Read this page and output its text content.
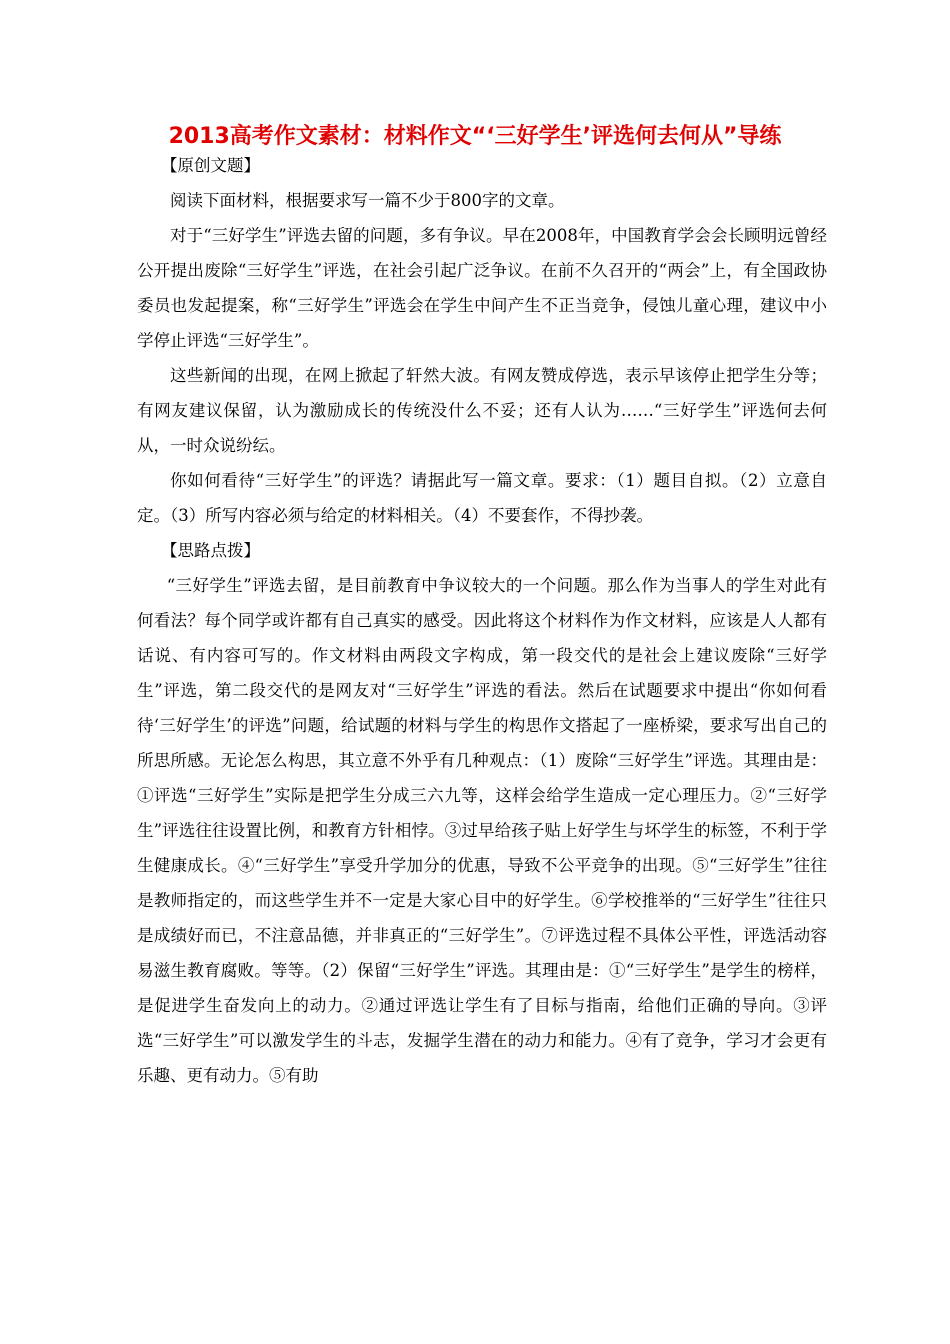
2013高考作文素材：材料作文“‘三好学生’评选何去何从”导练

【原创文题】

阅读下面材料，根据要求写一篇不少于800字的文章。

对于“三好学生”评选去留的问题，多有争议。早在2008年，中国教育学会会长顾明远曾经公开提出废除“三好学生”评选，在社会引起广泛争议。在前不久召开的“两会”上，有全国政协委员也发起提案，称“三好学生”评选会在学生中间产生不正当竞争，侵蚀儿童心理，建议中小学停止评选“三好学生”。

这些新闻的出现，在网上掀起了轩然大波。有网友赞成停选，表示早该停止把学生分等；有网友建议保留，认为激励成长的传统没什么不妥；还有人认为……“三好学生”评选何去何从，一时众说纷纭。

你如何看待“三好学生”的评选？请据此写一篇文章。要求：（1）题目自拟。（2）立意自定。（3）所写内容必须与给定的材料相关。（4）不要套作，不得抄袭。

【思路点拨】

“三好学生”评选去留，是目前教育中争议较大的一个问题。那么作为当事人的学生对此有何看法？每个同学或许都有自己真实的感受。因此将这个材料作为作文材料，应该是人人都有话说、有内容可写的。作文材料由两段文字构成，第一段交代的是社会上建议废除“三好学生”评选，第二段交代的是网友对“三好学生”评选的看法。然后在试题要求中提出“你如何看待‘三好学生’的评选”问题，给试题的材料与学生的构思作文搭起了一座桥梁，要求写出自己的所思所感。无论怎么构思，其立意不外乎有几种观点：（1）废除“三好学生”评选。其理由是：①评选“三好学生”实际是把学生分成三六九等，这样会给学生造成一定心理压力。②“三好学生”评选往往设置比例，和教育方针相悖。③过早给孩子贴上好学生与坏学生的标签，不利于学生健康成长。④“三好学生”享受升学加分的优惠，导致不公平竞争的出现。⑤“三好学生”往往是教师指定的，而这些学生并不一定是大家心目中的好学生。⑥学校推举的“三好学生”往往只是成绩好而已，不注意品德，并非真正的“三好学生”。⑦评选过程不具体公平性，评选活动容易滋生教育腐败。等等。（2）保留“三好学生”评选。其理由是：①“三好学生”是学生的榜样，是促进学生奋发向上的动力。②通过评选让学生有了目标与指南，给他们正确的导向。③评选“三好学生”可以激发学生的斗志，发掘学生潜在的动力和能力。④有了竞争，学习才会更有乐趣、更有动力。⑤有助
